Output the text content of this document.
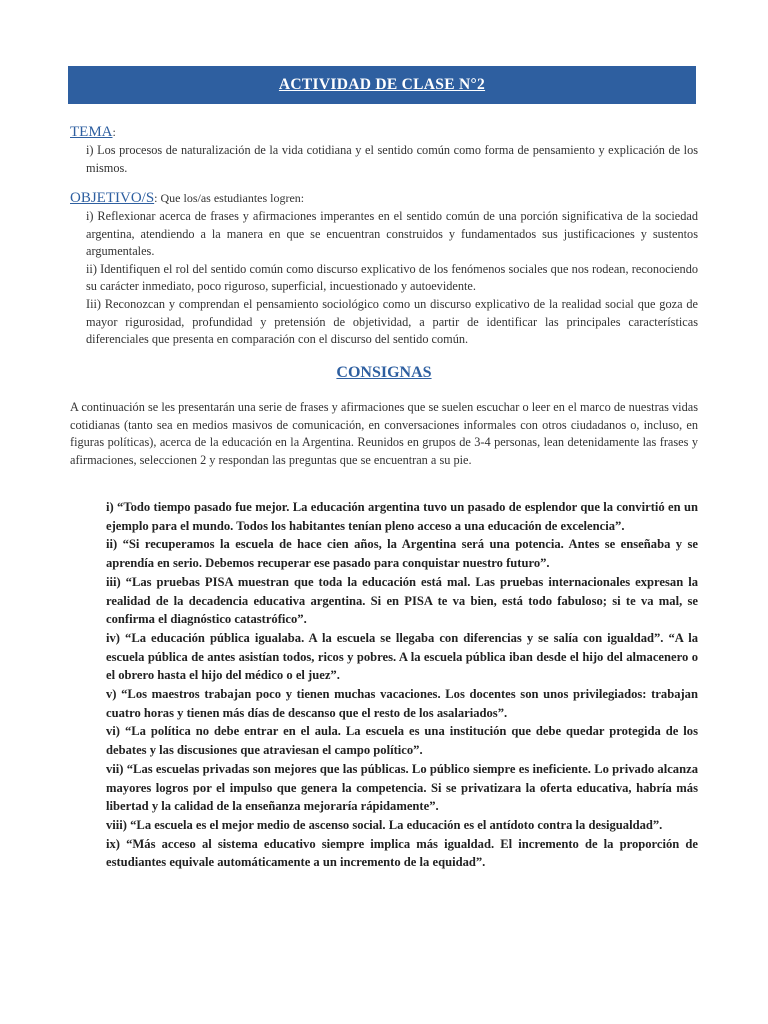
ACTIVIDAD DE CLASE N°2
TEMA:
i) Los procesos de naturalización de la vida cotidiana y el sentido común como forma de pensamiento y explicación de los mismos.
OBJETIVO/S: Que los/as estudiantes logren:
i) Reflexionar acerca de frases y afirmaciones imperantes en el sentido común de una porción significativa de la sociedad argentina, atendiendo a la manera en que se encuentran construidos y fundamentados sus justificaciones y sustentos argumentales.
ii) Identifiquen el rol del sentido común como discurso explicativo de los fenómenos sociales que nos rodean, reconociendo su carácter inmediato, poco riguroso, superficial, incuestionado y autoevidente.
Iii) Reconozcan y comprendan el pensamiento sociológico como un discurso explicativo de la realidad social que goza de mayor rigurosidad, profundidad y pretensión de objetividad, a partir de identificar las principales características diferenciales que presenta en comparación con el discurso del sentido común.
CONSIGNAS
A continuación se les presentarán una serie de frases y afirmaciones que se suelen escuchar o leer en el marco de nuestras vidas cotidianas (tanto sea en medios masivos de comunicación, en conversaciones informales con otros ciudadanos o, incluso, en figuras políticas), acerca de la educación en la Argentina. Reunidos en grupos de 3-4 personas, lean detenidamente las frases y afirmaciones, seleccionen 2 y respondan las preguntas que se encuentran a su pie.
i) “Todo tiempo pasado fue mejor. La educación argentina tuvo un pasado de esplendor que la convirtió en un ejemplo para el mundo. Todos los habitantes tenían pleno acceso a una educación de excelencia”.
ii) “Si recuperamos la escuela de hace cien años, la Argentina será una potencia. Antes se enseñaba y se aprendía en serio. Debemos recuperar ese pasado para conquistar nuestro futuro”.
iii) “Las pruebas PISA muestran que toda la educación está mal. Las pruebas internacionales expresan la realidad de la decadencia educativa argentina. Si en PISA te va bien, está todo fabuloso; si te va mal, se confirma el diagnóstico catastrófico”.
iv) “La educación pública igualaba. A la escuela se llegaba con diferencias y se salía con igualdad”. “A la escuela pública de antes asistían todos, ricos y pobres. A la escuela pública iban desde el hijo del almacenero o el obrero hasta el hijo del médico o el juez”.
v) “Los maestros trabajan poco y tienen muchas vacaciones. Los docentes son unos privilegiados: trabajan cuatro horas y tienen más días de descanso que el resto de los asalariados”.
vi) “La política no debe entrar en el aula. La escuela es una institución que debe quedar protegida de los debates y las discusiones que atraviesan el campo político”.
vii) “Las escuelas privadas son mejores que las públicas. Lo público siempre es ineficiente. Lo privado alcanza mayores logros por el impulso que genera la competencia. Si se privatizara la oferta educativa, habría más libertad y la calidad de la enseñanza mejoraría rápidamente”.
viii) “La escuela es el mejor medio de ascenso social. La educación es el antídoto contra la desigualdad”.
ix) “Más acceso al sistema educativo siempre implica más igualdad. El incremento de la proporción de estudiantes equivale automáticamente a un incremento de la equidad”.
